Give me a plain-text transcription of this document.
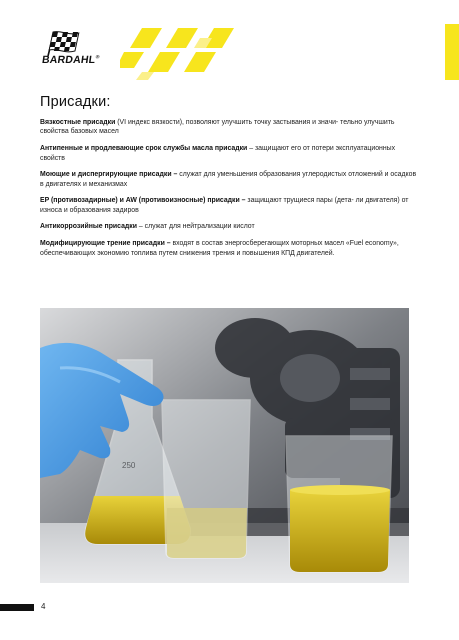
BARDAHL®
Присадки:

Вязкостные присадки (VI индекс вязкости), позволяют улучшить точку застывания и значи- тельно улучшить свойства базовых масел

Антипенные и продлевающие срок службы масла присадки – защищают его от потери эксплуатационных свойств

Моющие и диспергирующие присадки – служат для уменьшения образования углеродистых отложений и осадков в двигателях и механизмах

EP (противозадирные) и AW (противоизносные) присадки – защищают трущиеся пары (дета- ли двигателя) от износа и образования задиров

Антикоррозийные присадки – служат для нейтрализации кислот

Модифицирующие трение присадки – входят в состав энергосберегающих моторных масел «Fuel economy», обеспечивающих экономию топлива путем снижения трения и повышения КПД двигателей.

250
4
